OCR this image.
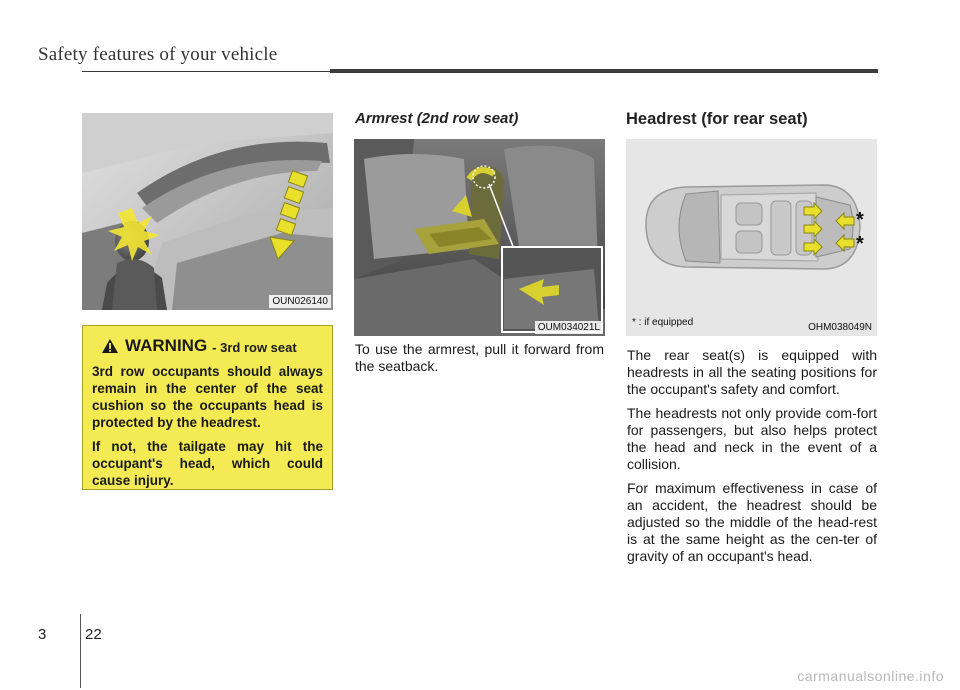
Safety features of your vehicle
OUN026140
WARNING - 3rd row seat

3rd row occupants should always remain in the center of the seat cushion so the occupants head is protected by the headrest.

If not, the tailgate may hit the occupant's head, which could cause injury.

Armrest (2nd row seat)
OUM034021L

To use the armrest, pull it forward from the seatback.

Headrest (for rear seat)
*
*
* : if equipped	OHM038049N

The rear seat(s) is equipped with headrests in all the seating positions for the occupant's safety and comfort.

The headrests not only provide com-fort for passengers, but also helps protect the head and neck in the event of a collision.

For maximum effectiveness in case of an accident, the headrest should be adjusted so the middle of the head-rest is at the same height as the cen-ter of gravity of an occupant's head.

3	22
carmanualsonline.info
